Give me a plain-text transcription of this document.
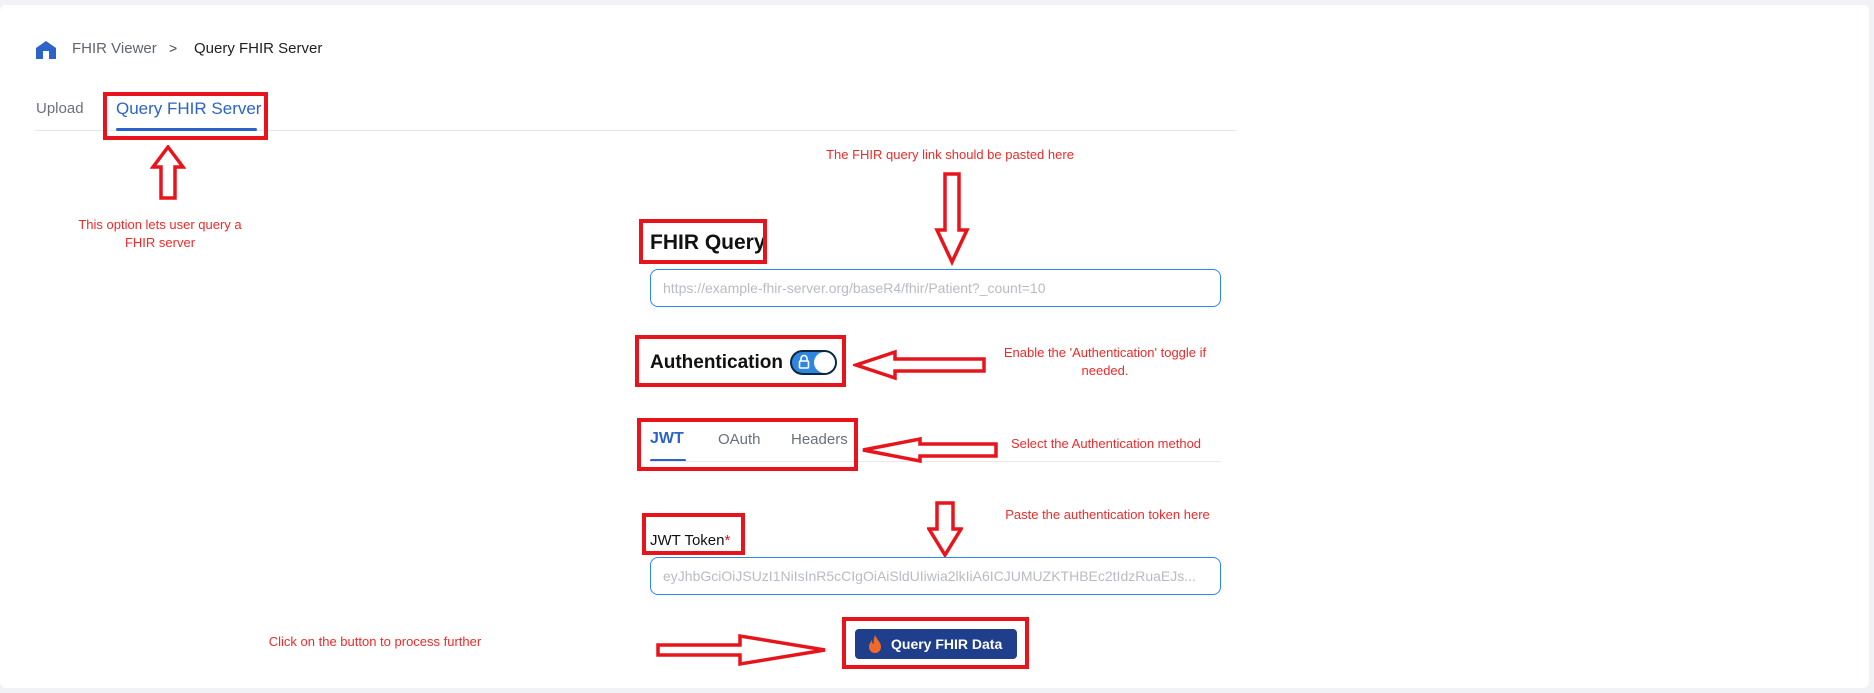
FHIR Viewer > Query FHIR Server
Upload Query FHIR Server
This option lets user query a FHIR server
The FHIR query link should be pasted here
FHIR Query
https://example-fhir-server.org/baseR4/fhir/Patient?_count=10
Authentication	Enable the 'Authentication' toggle if needed.
JWT OAuth Headers	Select the Authentication method
Paste the authentication token here
JWT Token*
eyJhbGciOiJSUzI1NiIsInR5cCIgOiAiSldUIiwia2lkIiA6ICJUMUZKTHBEc2tIdzRuaEJs...
Click on the button to process further	Query FHIR Data
